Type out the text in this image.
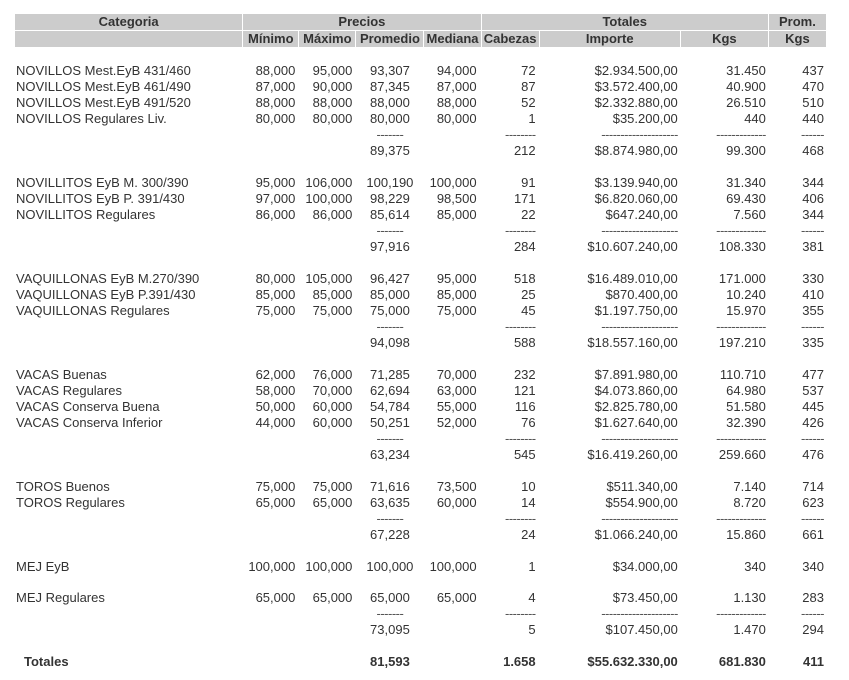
Categoria	Precios				Totales			Prom.
	Mínimo	Máximo	Promedio	Mediana	Cabezas	Importe	Kgs	Kgs

NOVILLOS Mest.EyB 431/460	88,000	95,000	93,307	94,000	72	$2.934.500,00	31.450	437
NOVILLOS Mest.EyB 461/490	87,000	90,000	87,345	87,000	87	$3.572.400,00	40.900	470
NOVILLOS Mest.EyB 491/520	88,000	88,000	88,000	88,000	52	$2.332.880,00	26.510	510
NOVILLOS Regulares Liv.	80,000	80,000	80,000	80,000	1	$35.200,00	440	440
			-------		--------	--------------------	-------------	------
			89,375		212	$8.874.980,00	99.300	468

NOVILLITOS EyB M. 300/390	95,000	106,000	100,190	100,000	91	$3.139.940,00	31.340	344
NOVILLITOS EyB P. 391/430	97,000	100,000	98,229	98,500	171	$6.820.060,00	69.430	406
NOVILLITOS Regulares	86,000	86,000	85,614	85,000	22	$647.240,00	7.560	344
			-------		--------	--------------------	-------------	------
			97,916		284	$10.607.240,00	108.330	381

VAQUILLONAS EyB M.270/390	80,000	105,000	96,427	95,000	518	$16.489.010,00	171.000	330
VAQUILLONAS EyB P.391/430	85,000	85,000	85,000	85,000	25	$870.400,00	10.240	410
VAQUILLONAS Regulares	75,000	75,000	75,000	75,000	45	$1.197.750,00	15.970	355
			-------		--------	--------------------	-------------	------
			94,098		588	$18.557.160,00	197.210	335

VACAS Buenas	62,000	76,000	71,285	70,000	232	$7.891.980,00	110.710	477
VACAS Regulares	58,000	70,000	62,694	63,000	121	$4.073.860,00	64.980	537
VACAS Conserva Buena	50,000	60,000	54,784	55,000	116	$2.825.780,00	51.580	445
VACAS Conserva Inferior	44,000	60,000	50,251	52,000	76	$1.627.640,00	32.390	426
			-------		--------	--------------------	-------------	------
			63,234		545	$16.419.260,00	259.660	476

TOROS Buenos	75,000	75,000	71,616	73,500	10	$511.340,00	7.140	714
TOROS Regulares	65,000	65,000	63,635	60,000	14	$554.900,00	8.720	623
			-------		--------	--------------------	-------------	------
			67,228		24	$1.066.240,00	15.860	661

MEJ EyB	100,000	100,000	100,000	100,000	1	$34.000,00	340	340

MEJ Regulares	65,000	65,000	65,000	65,000	4	$73.450,00	1.130	283
			-------		--------	--------------------	-------------	------
			73,095		5	$107.450,00	1.470	294

Totales			81,593		1.658	$55.632.330,00	681.830	411
